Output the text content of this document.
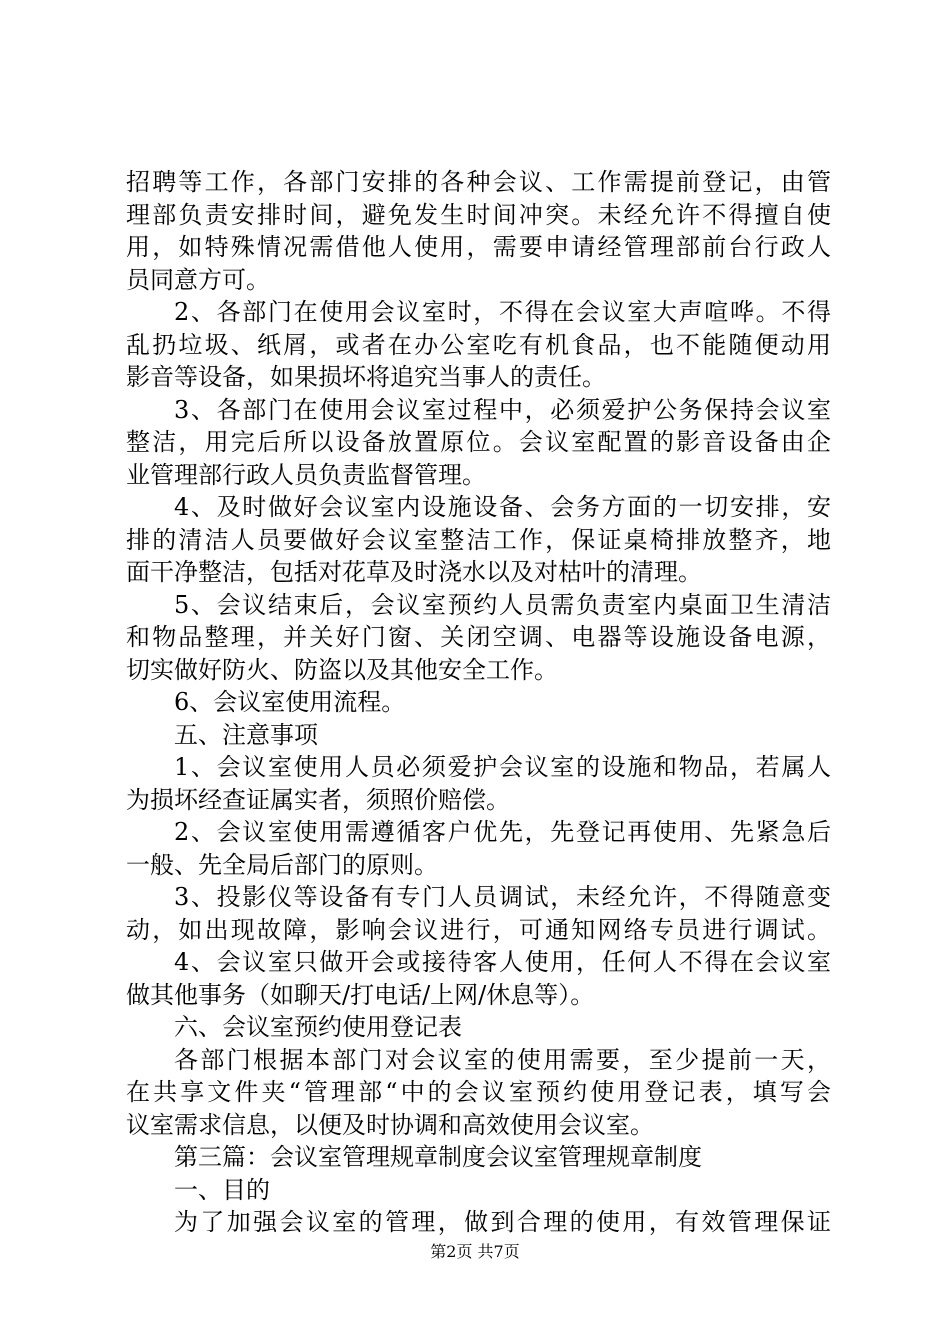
招聘等工作，各部门安排的各种会议、工作需提前登记，由管
理部负责安排时间，避免发生时间冲突。未经允许不得擅自使
用，如特殊情况需借他人使用，需要申请经管理部前台行政人
员同意方可。
2、各部门在使用会议室时，不得在会议室大声喧哗。不得
乱扔垃圾、纸屑，或者在办公室吃有机食品，也不能随便动用
影音等设备，如果损坏将追究当事人的责任。
3、各部门在使用会议室过程中，必须爱护公务保持会议室
整洁，用完后所以设备放置原位。会议室配置的影音设备由企
业管理部行政人员负责监督管理。
4、及时做好会议室内设施设备、会务方面的一切安排，安
排的清洁人员要做好会议室整洁工作，保证桌椅排放整齐，地
面干净整洁，包括对花草及时浇水以及对枯叶的清理。
5、会议结束后，会议室预约人员需负责室内桌面卫生清洁
和物品整理，并关好门窗、关闭空调、电器等设施设备电源，
切实做好防火、防盗以及其他安全工作。
6、会议室使用流程。
五、注意事项
1、会议室使用人员必须爱护会议室的设施和物品，若属人
为损坏经查证属实者，须照价赔偿。
2、会议室使用需遵循客户优先，先登记再使用、先紧急后
一般、先全局后部门的原则。
3、投影仪等设备有专门人员调试，未经允许，不得随意变
动，如出现故障，影响会议进行，可通知网络专员进行调试。
4、会议室只做开会或接待客人使用，任何人不得在会议室
做其他事务（如聊天/打电话/上网/休息等）。
六、会议室预约使用登记表
各部门根据本部门对会议室的使用需要，至少提前一天，
在共享文件夹“管理部“中的会议室预约使用登记表，填写会
议室需求信息，以便及时协调和高效使用会议室。
第三篇：会议室管理规章制度会议室管理规章制度
一、目的
为了加强会议室的管理，做到合理的使用，有效管理保证
第2页 共7页
